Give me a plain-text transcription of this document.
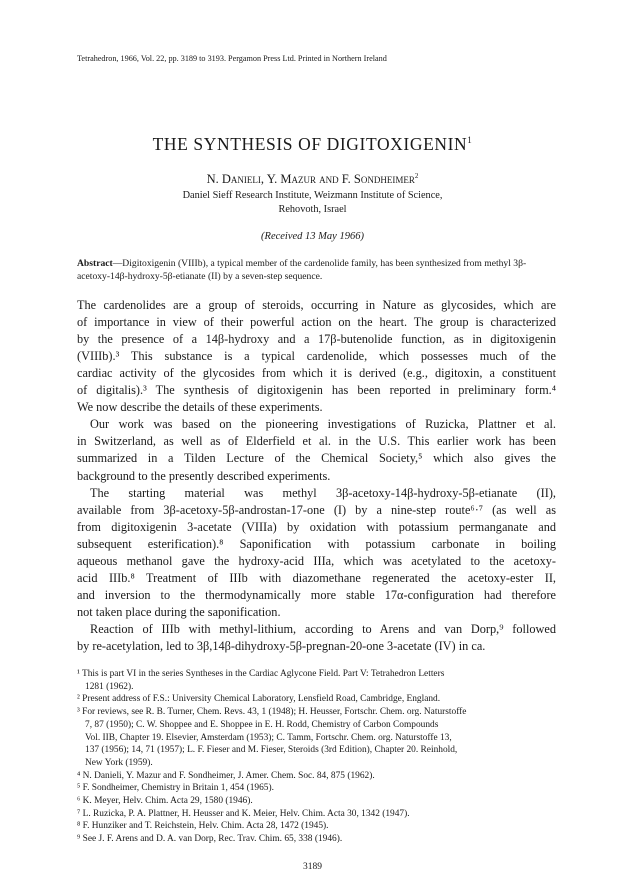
Tetrahedron, 1966, Vol. 22, pp. 3189 to 3193. Pergamon Press Ltd. Printed in Northern Ireland
THE SYNTHESIS OF DIGITOXIGENIN$^1$
N. Danieli, Y. Mazur and F. Sondheimer$^2$
Daniel Sieff Research Institute, Weizmann Institute of Science,
Rehovoth, Israel
(Received 13 May 1966)
Abstract—Digitoxigenin (VIIIb), a typical member of the cardenolide family, has been synthesized from methyl 3β-acetoxy-14β-hydroxy-5β-etianate (II) by a seven-step sequence.
The cardenolides are a group of steroids, occurring in Nature as glycosides, which are
of importance in view of their powerful action on the heart. The group is characterized
by the presence of a 14β-hydroxy and a 17β-butenolide function, as in digitoxigenin
(VIIIb).³ This substance is a typical cardenolide, which possesses much of the
cardiac activity of the glycosides from which it is derived (e.g., digitoxin, a constituent
of digitalis).³ The synthesis of digitoxigenin has been reported in preliminary form.⁴
We now describe the details of these experiments.
Our work was based on the pioneering investigations of Ruzicka, Plattner et al.
in Switzerland, as well as of Elderfield et al. in the U.S. This earlier work has been
summarized in a Tilden Lecture of the Chemical Society,⁵ which also gives the
background to the presently described experiments.
The starting material was methyl 3β-acetoxy-14β-hydroxy-5β-etianate (II),
available from 3β-acetoxy-5β-androstan-17-one (I) by a nine-step route⁶·⁷ (as well as
from digitoxigenin 3-acetate (VIIIa) by oxidation with potassium permanganate and
subsequent esterification).⁸ Saponification with potassium carbonate in boiling
aqueous methanol gave the hydroxy-acid IIIa, which was acetylated to the acetoxy-
acid IIIb.⁸ Treatment of IIIb with diazomethane regenerated the acetoxy-ester II,
and inversion to the thermodynamically more stable 17α-configuration had therefore
not taken place during the saponification.
Reaction of IIIb with methyl-lithium, according to Arens and van Dorp,⁹ followed
by re-acetylation, led to 3β,14β-dihydroxy-5β-pregnan-20-one 3-acetate (IV) in ca.
¹ This is part VI in the series Syntheses in the Cardiac Aglycone Field. Part V: Tetrahedron Letters
1281 (1962).
² Present address of F.S.: University Chemical Laboratory, Lensfield Road, Cambridge, England.
³ For reviews, see R. B. Turner, Chem. Revs. 43, 1 (1948); H. Heusser, Fortschr. Chem. org. Naturstoffe
7, 87 (1950); C. W. Shoppee and E. Shoppee in E. H. Rodd, Chemistry of Carbon Compounds
Vol. IIB, Chapter 19. Elsevier, Amsterdam (1953); C. Tamm, Fortschr. Chem. org. Naturstoffe 13,
137 (1956); 14, 71 (1957); L. F. Fieser and M. Fieser, Steroids (3rd Edition), Chapter 20. Reinhold,
New York (1959).
⁴ N. Danieli, Y. Mazur and F. Sondheimer, J. Amer. Chem. Soc. 84, 875 (1962).
⁵ F. Sondheimer, Chemistry in Britain 1, 454 (1965).
⁶ K. Meyer, Helv. Chim. Acta 29, 1580 (1946).
⁷ L. Ruzicka, P. A. Plattner, H. Heusser and K. Meier, Helv. Chim. Acta 30, 1342 (1947).
⁸ F. Hunziker and T. Reichstein, Helv. Chim. Acta 28, 1472 (1945).
⁹ See J. F. Arens and D. A. van Dorp, Rec. Trav. Chim. 65, 338 (1946).
3189
